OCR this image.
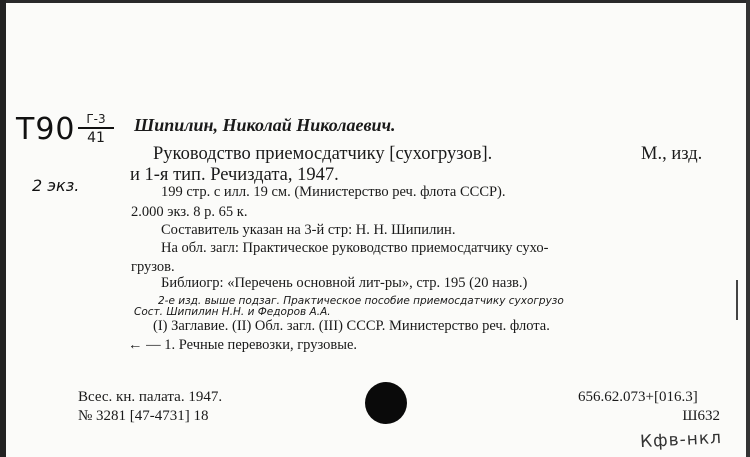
Т90 Г-3
41
2 экз.
Шипилин, Николай Николаевич.
Руководство приемосдатчику [сухогрузов].	М., изд.
и 1-я тип. Речиздата, 1947.
199 стр. с илл. 19 см. (Министерство реч. флота СССР).
2.000 экз. 8 р. 65 к.
Составитель указан на 3-й стр: Н. Н. Шипилин.
На обл. загл: Практическое руководство приемосдатчику сухо-
грузов.
Библиогр: «Перечень основной лит-ры», стр. 195 (20 назв.)
2-е изд. выше подзаг. Практическое пособие приемосдатчику сухогрузо
Сост. Шипилин Н.Н. и Федоров А.А.
(I) Заглавие. (II) Обл. загл. (III) СССР. Министерство реч. флота.
← — 1. Речные перевозки, грузовые.
Всес. кн. палата. 1947.
№ 3281 [47-4731] 18
656.62.073+[016.3]
Ш632
Кфв-нкл
